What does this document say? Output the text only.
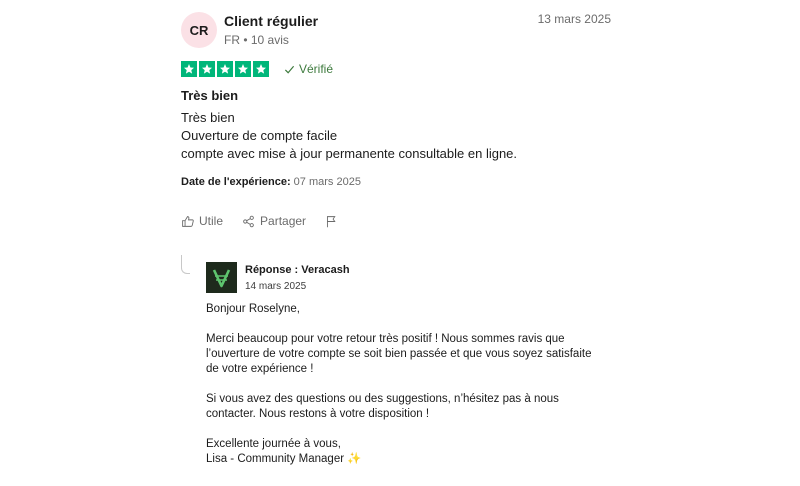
CR
Client régulier
FR • 10 avis
13 mars 2025
Vérifié
Très bien
Très bien
Ouverture de compte facile
compte avec mise à jour permanente consultable en ligne.
Date de l'expérience: 07 mars 2025
Utile	Partager
Réponse : Veracash
14 mars 2025

Bonjour Roselyne,

Merci beaucoup pour votre retour très positif ! Nous sommes ravis que
l’ouverture de votre compte se soit bien passée et que vous soyez satisfaite
de votre expérience !

Si vous avez des questions ou des suggestions, n’hésitez pas à nous
contacter. Nous restons à votre disposition !

Excellente journée à vous,
Lisa - Community Manager ✨
